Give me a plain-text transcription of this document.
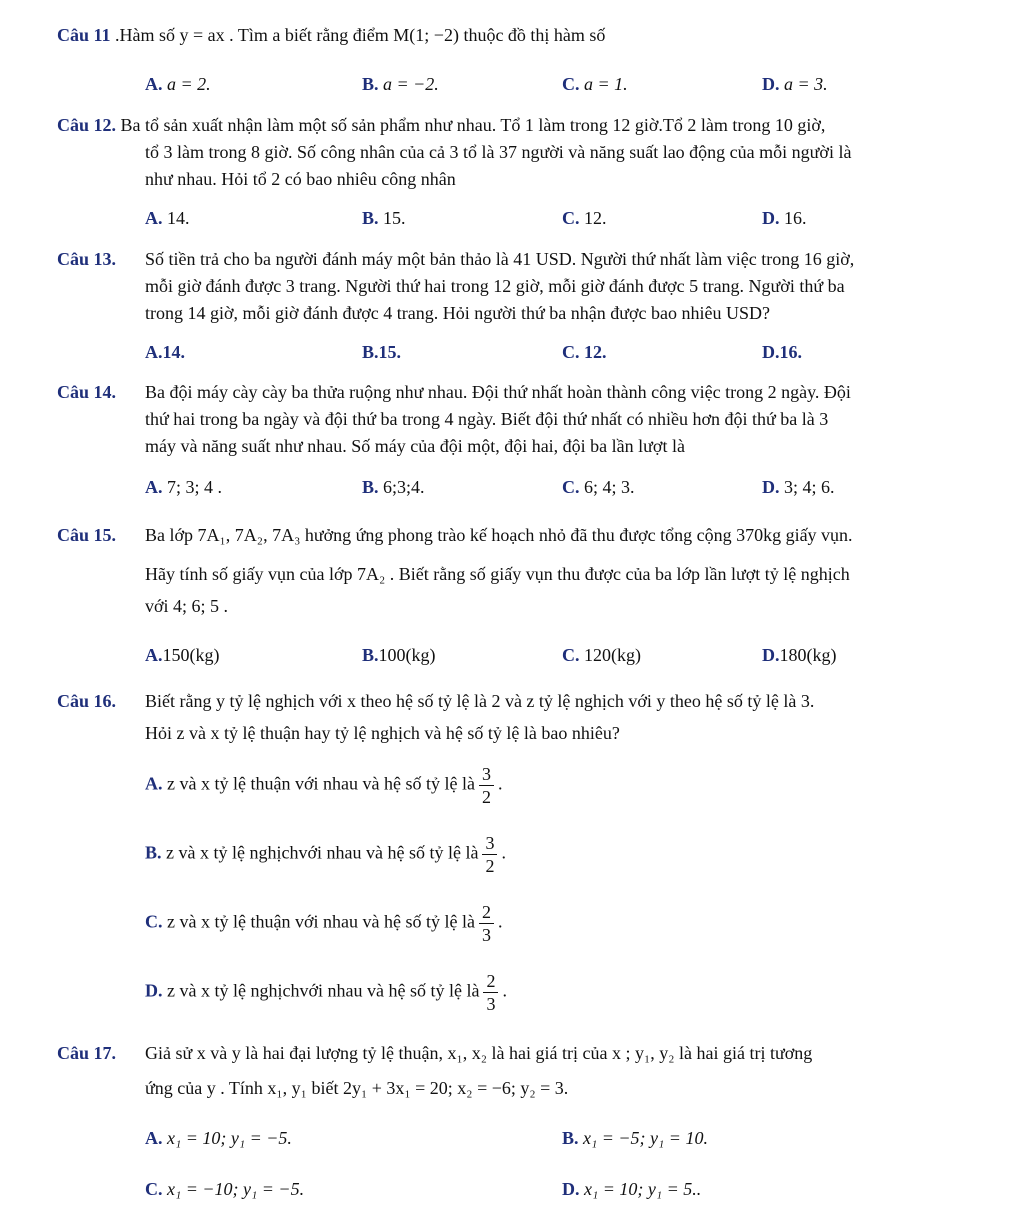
Câu 11 .Hàm số y = ax . Tìm a biết rằng điểm M(1; −2) thuộc đồ thị hàm số
A. a = 2.	B. a = −2.	C. a = 1.	D. a = 3.
Câu 12. Ba tổ sản xuất nhận làm một số sản phẩm như nhau. Tổ 1 làm trong 12 giờ.Tổ 2 làm trong 10 giờ,
tổ 3 làm trong 8 giờ. Số công nhân của cả 3 tổ là 37 người và năng suất lao động của mỗi người là
như nhau. Hỏi tổ 2 có bao nhiêu công nhân
A. 14.	B. 15.	C. 12.	D. 16.
Câu 13. Số tiền trả cho ba người đánh máy một bản thảo là 41 USD. Người thứ nhất làm việc trong 16 giờ,
mỗi giờ đánh được 3 trang. Người thứ hai trong 12 giờ, mỗi giờ đánh được 5 trang. Người thứ ba
trong 14 giờ, mỗi giờ đánh được 4 trang. Hỏi người thứ ba nhận được bao nhiêu USD?
A.14.	B.15.	C. 12.	D.16.
Câu 14. Ba đội máy cày cày ba thửa ruộng như nhau. Đội thứ nhất hoàn thành công việc trong 2 ngày. Đội
thứ hai trong ba ngày và đội thứ ba trong 4 ngày. Biết đội thứ nhất có nhiều hơn đội thứ ba là 3
máy và năng suất như nhau. Số máy của đội một, đội hai, đội ba lần lượt là
A. 7; 3; 4 .	B. 6;3;4.	C. 6; 4; 3.	D. 3; 4; 6.
Câu 15. Ba lớp 7A₁, 7A₂, 7A₃ hưởng ứng phong trào kế hoạch nhỏ đã thu được tổng cộng 370kg giấy vụn.
Hãy tính số giấy vụn của lớp 7A₂ . Biết rằng số giấy vụn thu được của ba lớp lần lượt tỷ lệ nghịch
với 4; 6; 5 .
A.150(kg)	B.100(kg)	C. 120(kg)	D.180(kg)
Câu 16. Biết rằng y tỷ lệ nghịch với x theo hệ số tỷ lệ là 2 và z tỷ lệ nghịch với y theo hệ số tỷ lệ là 3.
Hỏi z và x tỷ lệ thuận hay tỷ lệ nghịch và hệ số tỷ lệ là bao nhiêu?
A. z và x tỷ lệ thuận với nhau và hệ số tỷ lệ là $\frac{3}{2}$ .
B. z và x tỷ lệ nghịchvới nhau và hệ số tỷ lệ là $\frac{3}{2}$ .
C. z và x tỷ lệ thuận với nhau và hệ số tỷ lệ là $\frac{2}{3}$ .
D. z và x tỷ lệ nghịchvới nhau và hệ số tỷ lệ là $\frac{2}{3}$ .
Câu 17. Giả sử x và y là hai đại lượng tỷ lệ thuận, x₁, x₂ là hai giá trị của x ; y₁, y₂ là hai giá trị tương
ứng của y . Tính x₁, y₁ biết 2y₁ + 3x₁ = 20; x₂ = −6; y₂ = 3.
A. x₁ = 10; y₁ = −5.	B. x₁ = −5; y₁ = 10.
C. x₁ = −10; y₁ = −5.	D. x₁ = 10; y₁ = 5..
